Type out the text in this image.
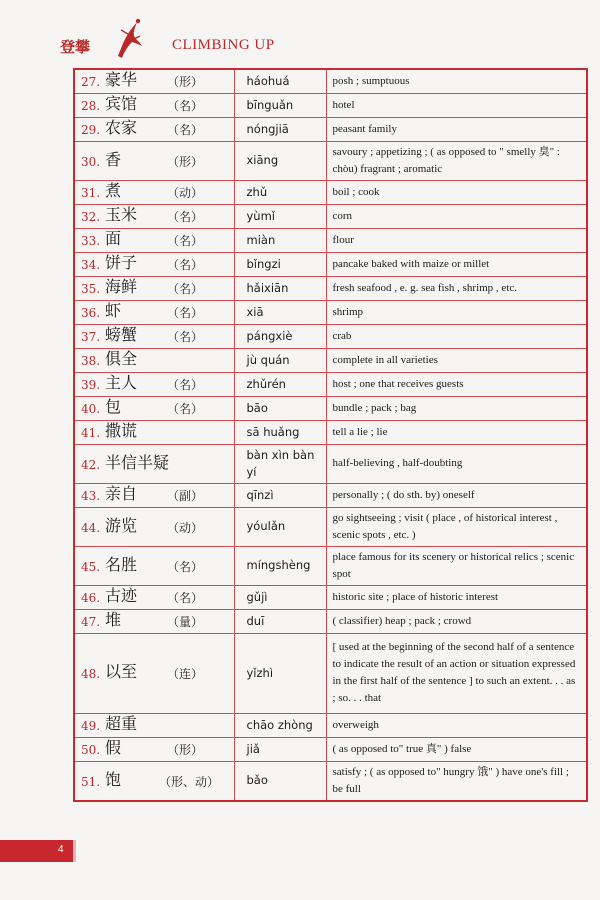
登攀	CLIMBING UP
27. 豪华 （形）	háohuá	posh ; sumptuous

28. 宾馆 （名）	bīnguǎn	hotel

29. 农家 （名）	nóngjiā	peasant family

30. 香 （形）	xiāng	savoury ; appetizing ; ( as opposed to " smelly 臭" : chòu) fragrant ; aromatic

31. 煮 （动）	zhǔ	boil ; cook

32. 玉米 （名）	yùmǐ	corn

33. 面 （名）	miàn	flour

34. 饼子 （名）	bǐngzi	pancake baked with maize or millet

35. 海鲜 （名）	hǎixiān	fresh seafood , e. g. sea fish , shrimp , etc.

36. 虾 （名）	xiā	shrimp

37. 螃蟹 （名）	pángxiè	crab

38. 俱全	jù quán	complete in all varieties

39. 主人 （名）	zhǔrén	host ; one that receives guests

40. 包 （名）	bāo	bundle ; pack ; bag

41. 撒谎	sā huǎng	tell a lie ; lie

42. 半信半疑	bàn xìn bàn yí	half-believing , half-doubting

43. 亲自 （副）	qīnzì	personally ; ( do sth. by) oneself

44. 游览 （动）	yóulǎn	go sightseeing ; visit ( place , of historical interest , scenic spots , etc. )

45. 名胜 （名）	míngshèng	place famous for its scenery or historical relics ; scenic spot

46. 古迹 （名）	gǔjì	historic site ; place of historic interest

47. 堆 （量）	duī	( classifier) heap ; pack ; crowd

48. 以至 （连）	yǐzhì	[ used at the beginning of the second half of a sentence to indicate the result of an action or situation expressed in the first half of the sentence ] to such an extent. . . as ; so. . . that

49. 超重	chāo zhòng	overweigh

50. 假 （形）	jiǎ	( as opposed to" true 真" ) false

51. 饱 （形、动）	bǎo	satisfy ; ( as opposed to" hungry 饿" ) have one's fill ; be full
4
